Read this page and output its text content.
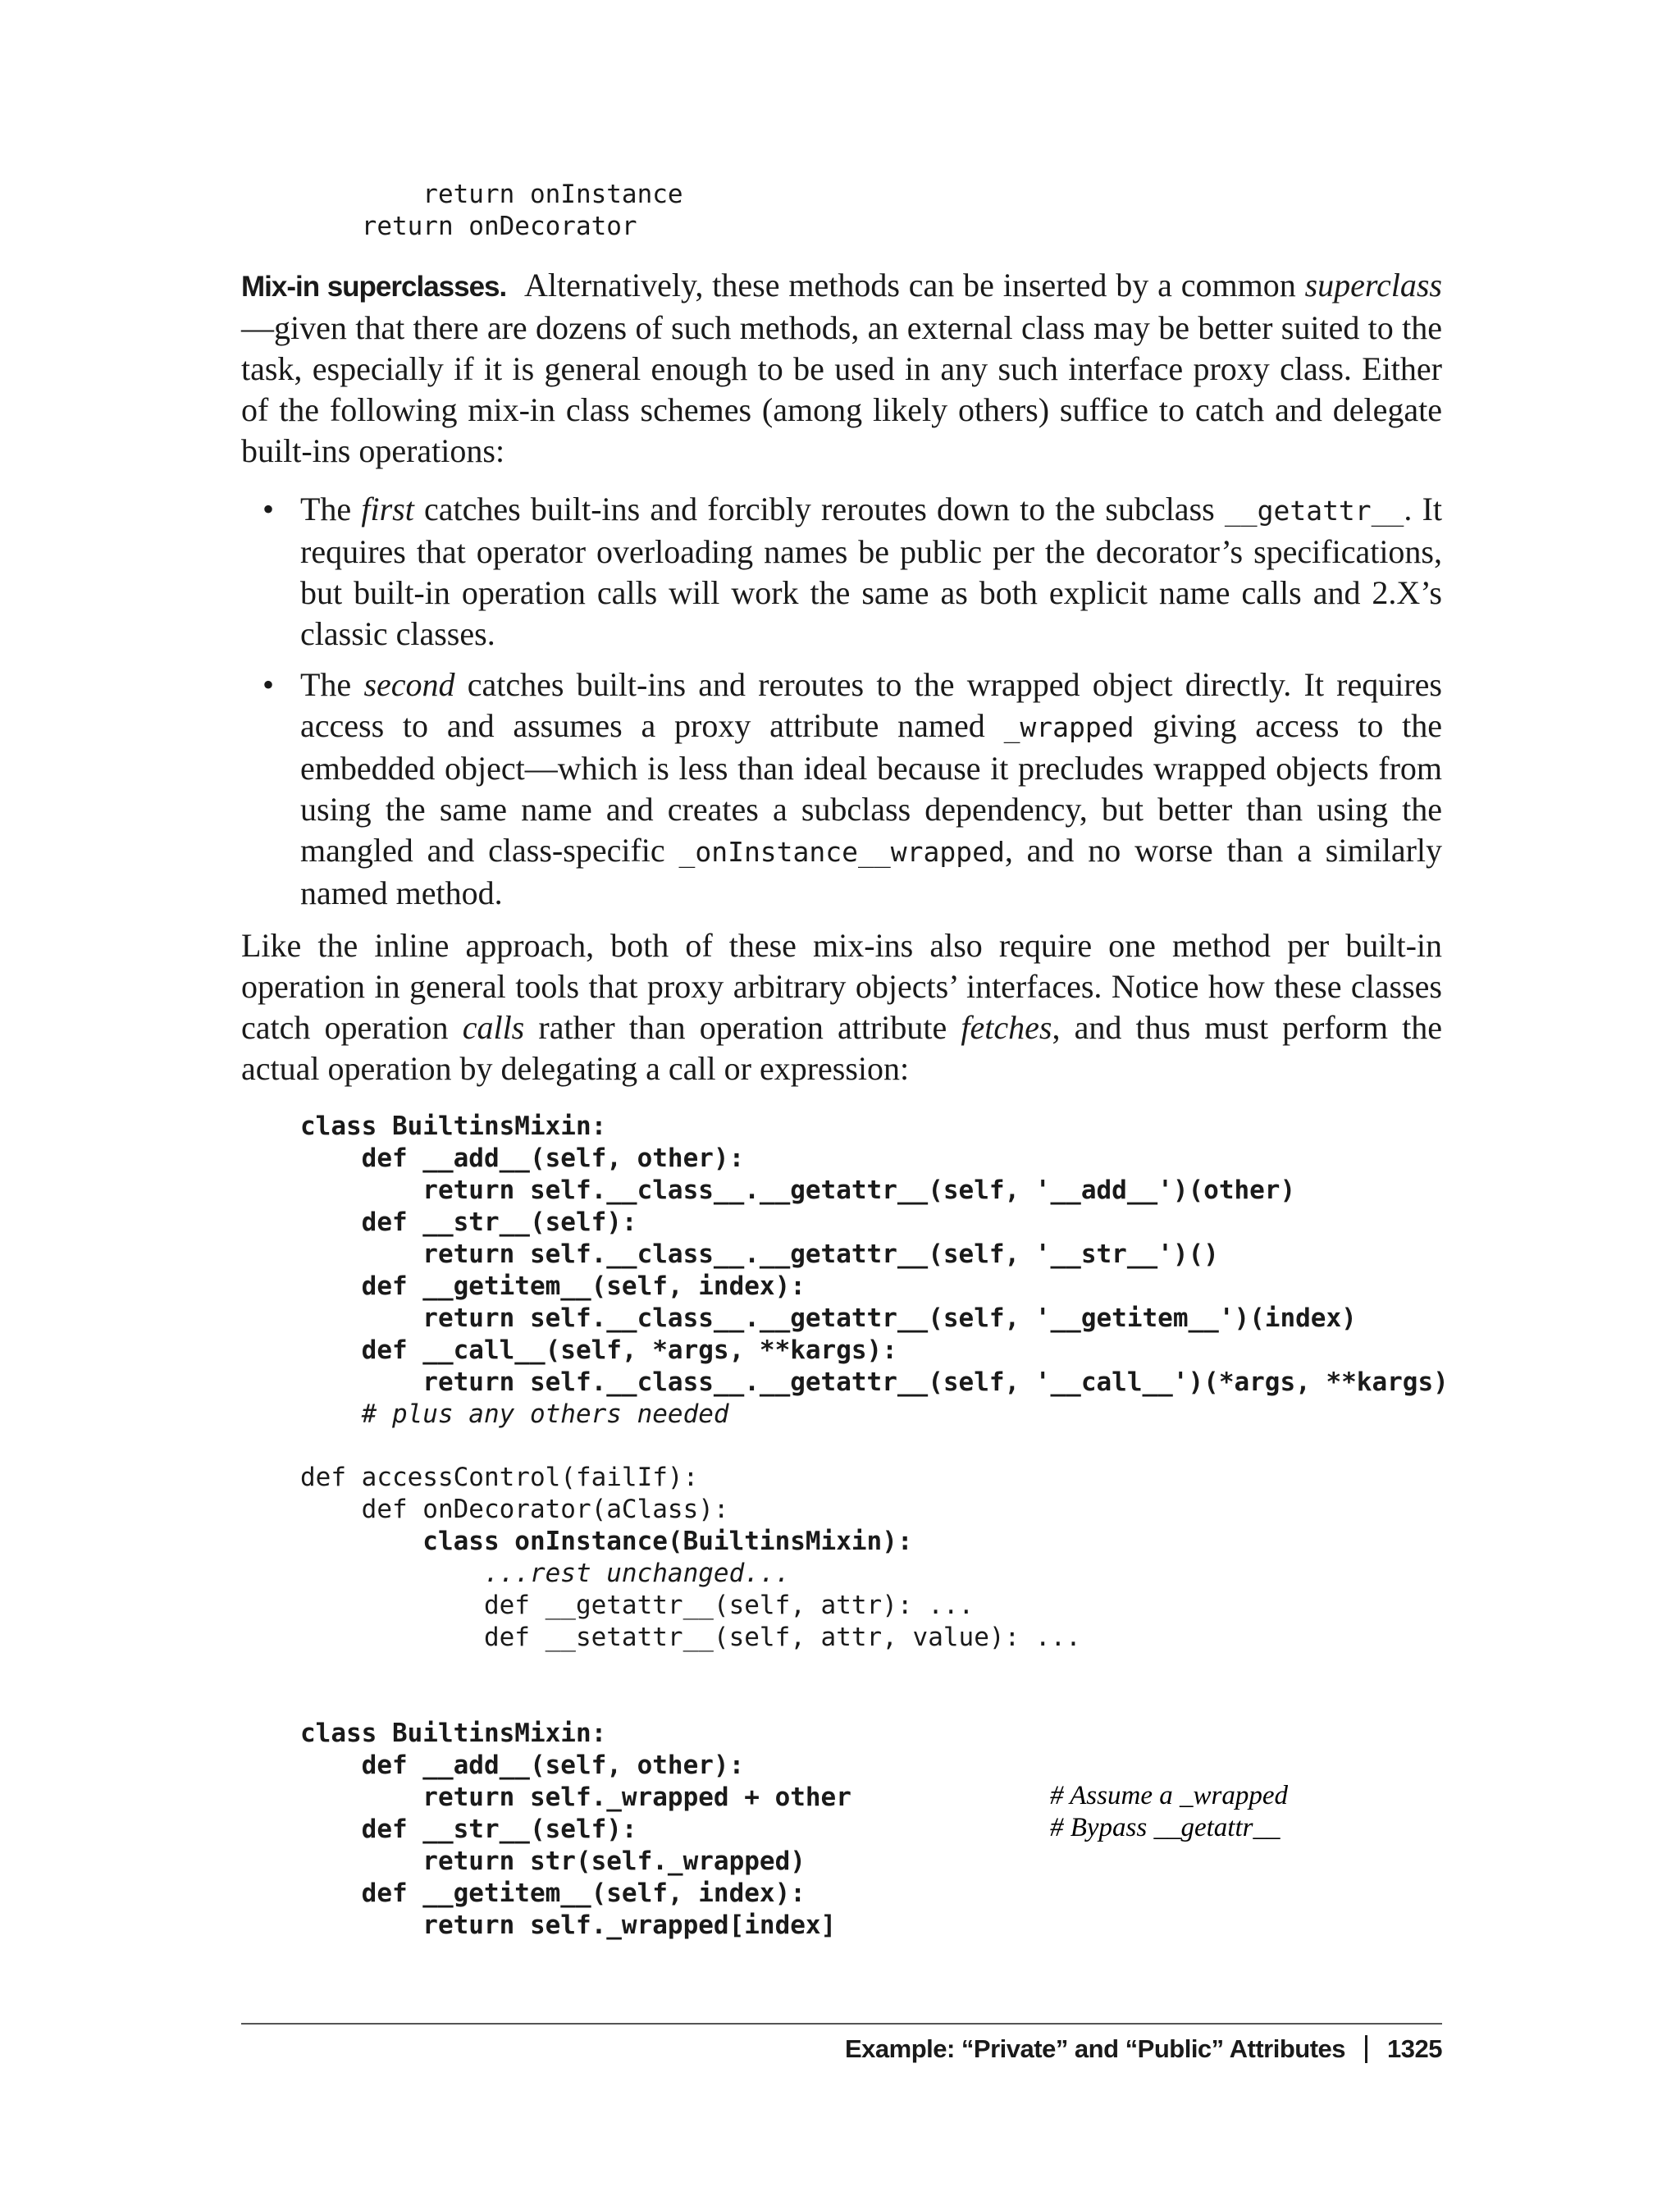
return onInstance
return onDecorator

Mix-in superclasses. Alternatively, these methods can be inserted by a common superclass —given that there are dozens of such methods, an external class may be better suited to the task, especially if it is general enough to be used in any such interface proxy class. Either of the following mix-in class schemes (among likely others) suffice to catch and delegate built-ins operations:

• The first catches built-ins and forcibly reroutes down to the subclass __getattr__. It requires that operator overloading names be public per the decorator’s specifications, but built-in operation calls will work the same as both explicit name calls and 2.X’s classic classes.
• The second catches built-ins and reroutes to the wrapped object directly. It requires access to and assumes a proxy attribute named _wrapped giving access to the embedded object—which is less than ideal because it precludes wrapped objects from using the same name and creates a subclass dependency, but better than using the mangled and class-specific _onInstance__wrapped, and no worse than a similarly named method.

Like the inline approach, both of these mix-ins also require one method per built-in operation in general tools that proxy arbitrary objects’ interfaces. Notice how these classes catch operation calls rather than operation attribute fetches, and thus must perform the actual operation by delegating a call or expression:

class BuiltinsMixin:
def __add__(self, other):
return self.__class__.__getattr__(self, '__add__')(other)
def __str__(self):
return self.__class__.__getattr__(self, '__str__')()
def __getitem__(self, index):
return self.__class__.__getattr__(self, '__getitem__')(index)
def __call__(self, *args, **kargs):
return self.__class__.__getattr__(self, '__call__')(*args, **kargs)
# plus any others needed
def accessControl(failIf):
def onDecorator(aClass):
class onInstance(BuiltinsMixin):
...rest unchanged...
def __getattr__(self, attr): ...
def __setattr__(self, attr, value): ...
class BuiltinsMixin:
def __add__(self, other):
return self._wrapped + other
def __str__(self):
return str(self._wrapped)
def __getitem__(self, index):
return self._wrapped[index]
# Assume a _wrapped
# Bypass __getattr__
Example: “Private” and “Public” Attributes 1325
